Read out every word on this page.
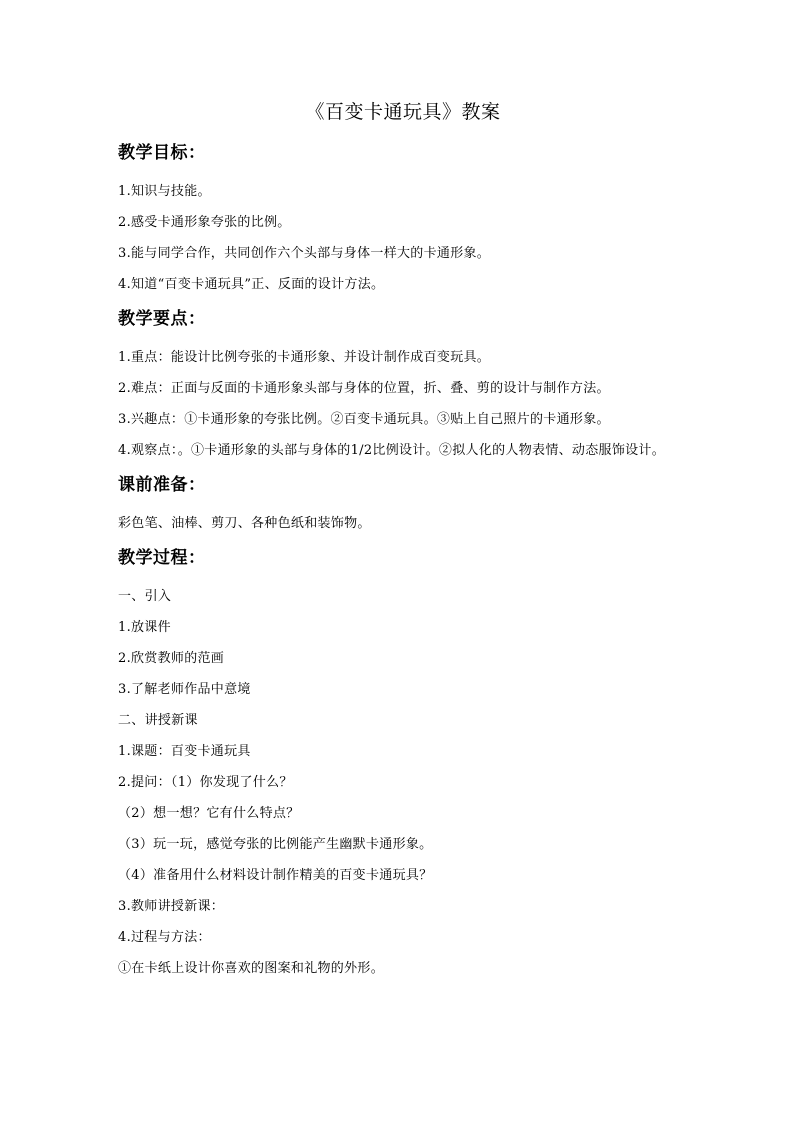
《百变卡通玩具》教案
教学目标：

1.知识与技能。

2.感受卡通形象夸张的比例。

3.能与同学合作，共同创作六个头部与身体一样大的卡通形象。

4.知道“百变卡通玩具”正、反面的设计方法。

教学要点：

1.重点：能设计比例夸张的卡通形象、并设计制作成百变玩具。

2.难点：正面与反面的卡通形象头部与身体的位置，折、叠、剪的设计与制作方法。

3.兴趣点：①卡通形象的夸张比例。②百变卡通玩具。③贴上自己照片的卡通形象。

4.观察点：。①卡通形象的头部与身体的1/2比例设计。②拟人化的人物表情、动态服饰设计。

课前准备：

彩色笔、油棒、剪刀、各种色纸和装饰物。

教学过程：

一、引入

1.放课件

2.欣赏教师的范画

3.了解老师作品中意境

二、讲授新课

1.课题：百变卡通玩具

2.提问：（1）你发现了什么？

（2）想一想？它有什么特点？

（3）玩一玩，感觉夸张的比例能产生幽默卡通形象。

（4）准备用什么材料设计制作精美的百变卡通玩具？

3.教师讲授新课：

4.过程与方法：

①在卡纸上设计你喜欢的图案和礼物的外形。
